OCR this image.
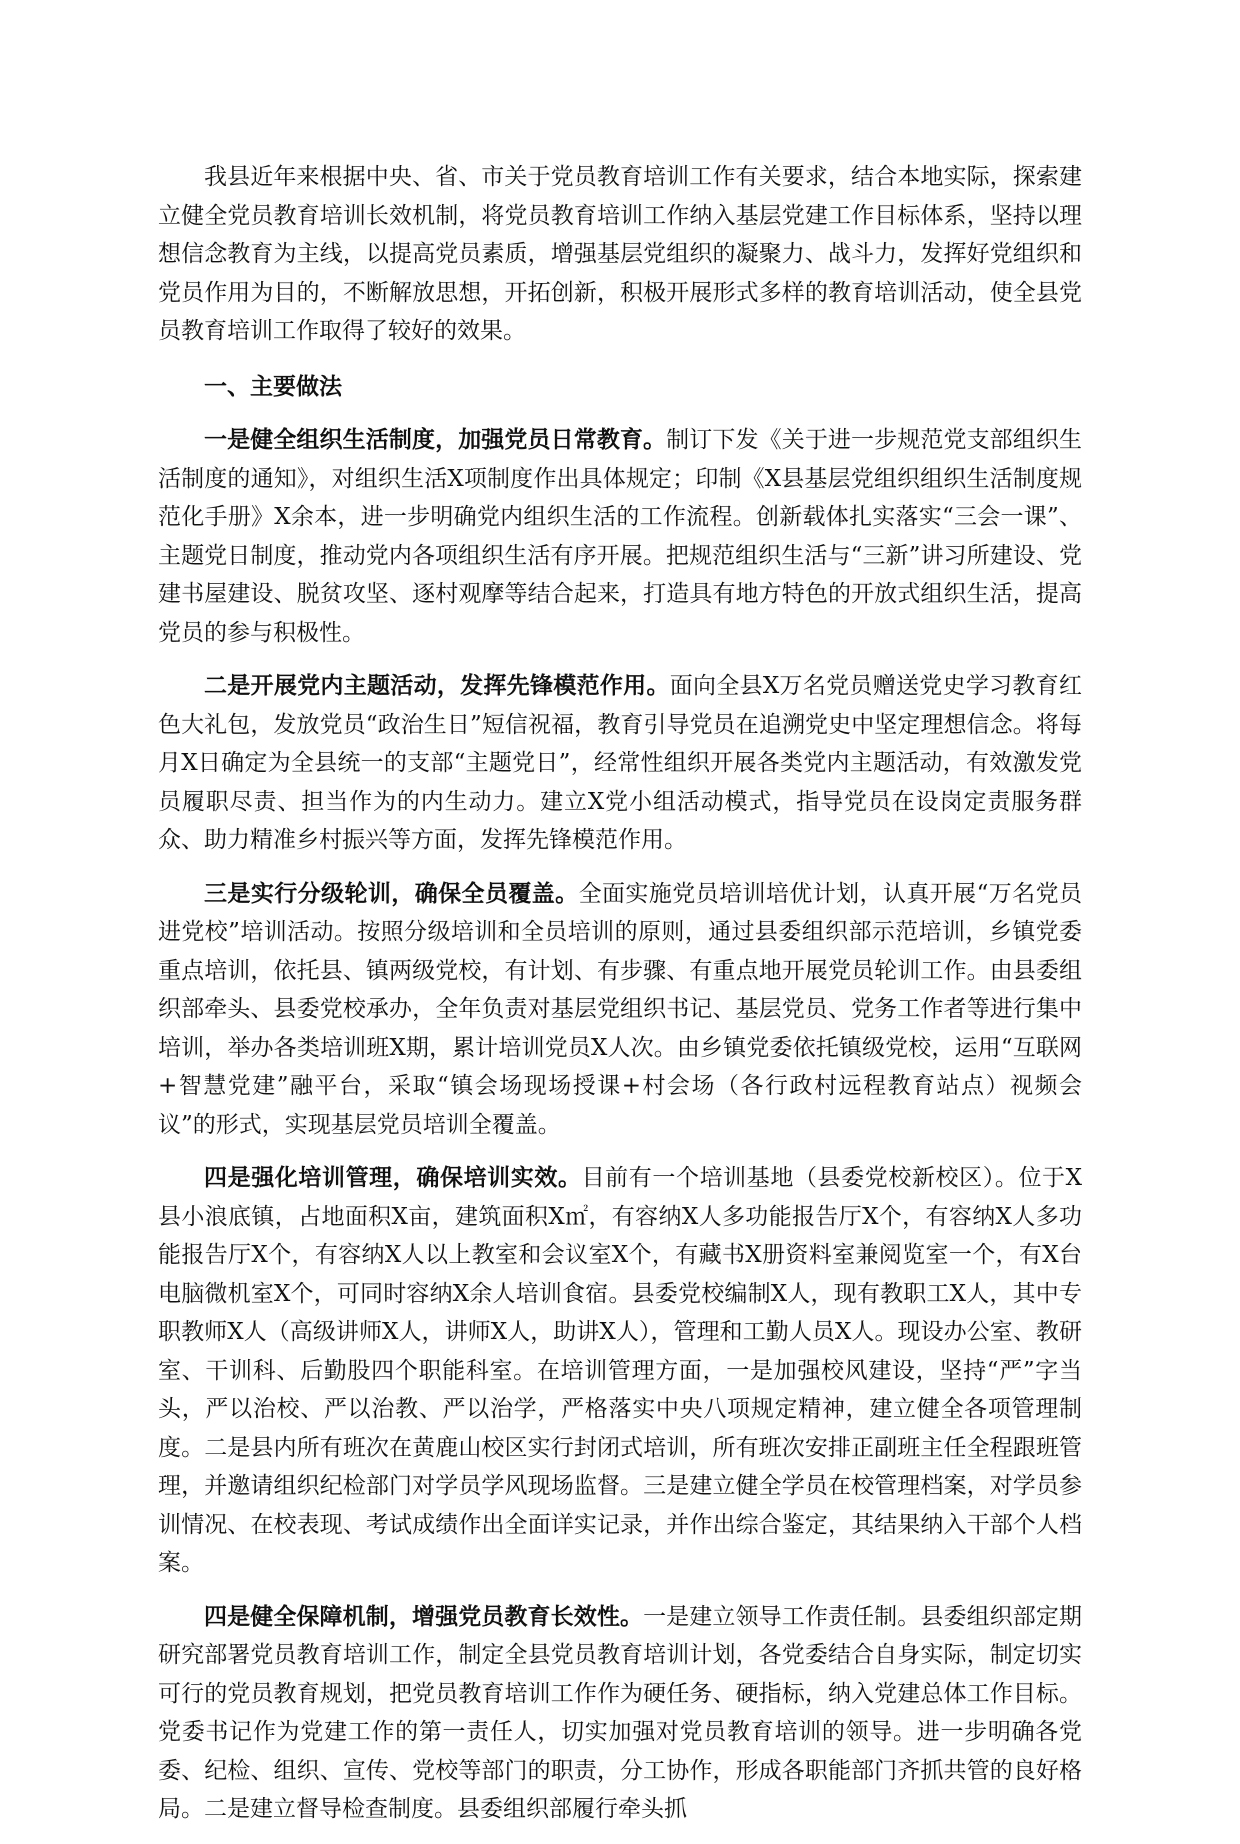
我县近年来根据中央、省、市关于党员教育培训工作有关要求，结合本地实际，探索建立健全党员教育培训长效机制，将党员教育培训工作纳入基层党建工作目标体系，坚持以理想信念教育为主线，以提高党员素质，增强基层党组织的凝聚力、战斗力，发挥好党组织和党员作用为目的，不断解放思想，开拓创新，积极开展形式多样的教育培训活动，使全县党员教育培训工作取得了较好的效果。

一、主要做法

一是健全组织生活制度，加强党员日常教育。制订下发《关于进一步规范党支部组织生活制度的通知》，对组织生活X项制度作出具体规定；印制《X县基层党组织组织生活制度规范化手册》X余本，进一步明确党内组织生活的工作流程。创新载体扎实落实“三会一课”、主题党日制度，推动党内各项组织生活有序开展。把规范组织生活与“三新”讲习所建设、党建书屋建设、脱贫攻坚、逐村观摩等结合起来，打造具有地方特色的开放式组织生活，提高党员的参与积极性。

二是开展党内主题活动，发挥先锋模范作用。面向全县X万名党员赠送党史学习教育红色大礼包，发放党员“政治生日”短信祝福，教育引导党员在追溯党史中坚定理想信念。将每月X日确定为全县统一的支部“主题党日”，经常性组织开展各类党内主题活动，有效激发党员履职尽责、担当作为的内生动力。建立X党小组活动模式，指导党员在设岗定责服务群众、助力精准乡村振兴等方面，发挥先锋模范作用。

三是实行分级轮训，确保全员覆盖。全面实施党员培训培优计划，认真开展“万名党员进党校”培训活动。按照分级培训和全员培训的原则，通过县委组织部示范培训，乡镇党委重点培训，依托县、镇两级党校，有计划、有步骤、有重点地开展党员轮训工作。由县委组织部牵头、县委党校承办，全年负责对基层党组织书记、基层党员、党务工作者等进行集中培训，举办各类培训班X期，累计培训党员X人次。由乡镇党委依托镇级党校，运用“互联网+智慧党建”融平台，采取“镇会场现场授课+村会场（各行政村远程教育站点）视频会议”的形式，实现基层党员培训全覆盖。

四是强化培训管理，确保培训实效。目前有一个培训基地（县委党校新校区）。位于X县小浪底镇，占地面积X亩，建筑面积X㎡，有容纳X人多功能报告厅X个，有容纳X人多功能报告厅X个，有容纳X人以上教室和会议室X个，有藏书X册资料室兼阅览室一个，有X台电脑微机室X个，可同时容纳X余人培训食宿。县委党校编制X人，现有教职工X人，其中专职教师X人（高级讲师X人，讲师X人，助讲X人），管理和工勤人员X人。现设办公室、教研室、干训科、后勤股四个职能科室。在培训管理方面，一是加强校风建设，坚持“严”字当头，严以治校、严以治教、严以治学，严格落实中央八项规定精神，建立健全各项管理制度。二是县内所有班次在黄鹿山校区实行封闭式培训，所有班次安排正副班主任全程跟班管理，并邀请组织纪检部门对学员学风现场监督。三是建立健全学员在校管理档案，对学员参训情况、在校表现、考试成绩作出全面详实记录，并作出综合鉴定，其结果纳入干部个人档案。

四是健全保障机制，增强党员教育长效性。一是建立领导工作责任制。县委组织部定期研究部署党员教育培训工作，制定全县党员教育培训计划，各党委结合自身实际，制定切实可行的党员教育规划，把党员教育培训工作作为硬任务、硬指标，纳入党建总体工作目标。党委书记作为党建工作的第一责任人，切实加强对党员教育培训的领导。进一步明确各党委、纪检、组织、宣传、党校等部门的职责，分工协作，形成各职能部门齐抓共管的良好格局。二是建立督导检查制度。县委组织部履行牵头抓
